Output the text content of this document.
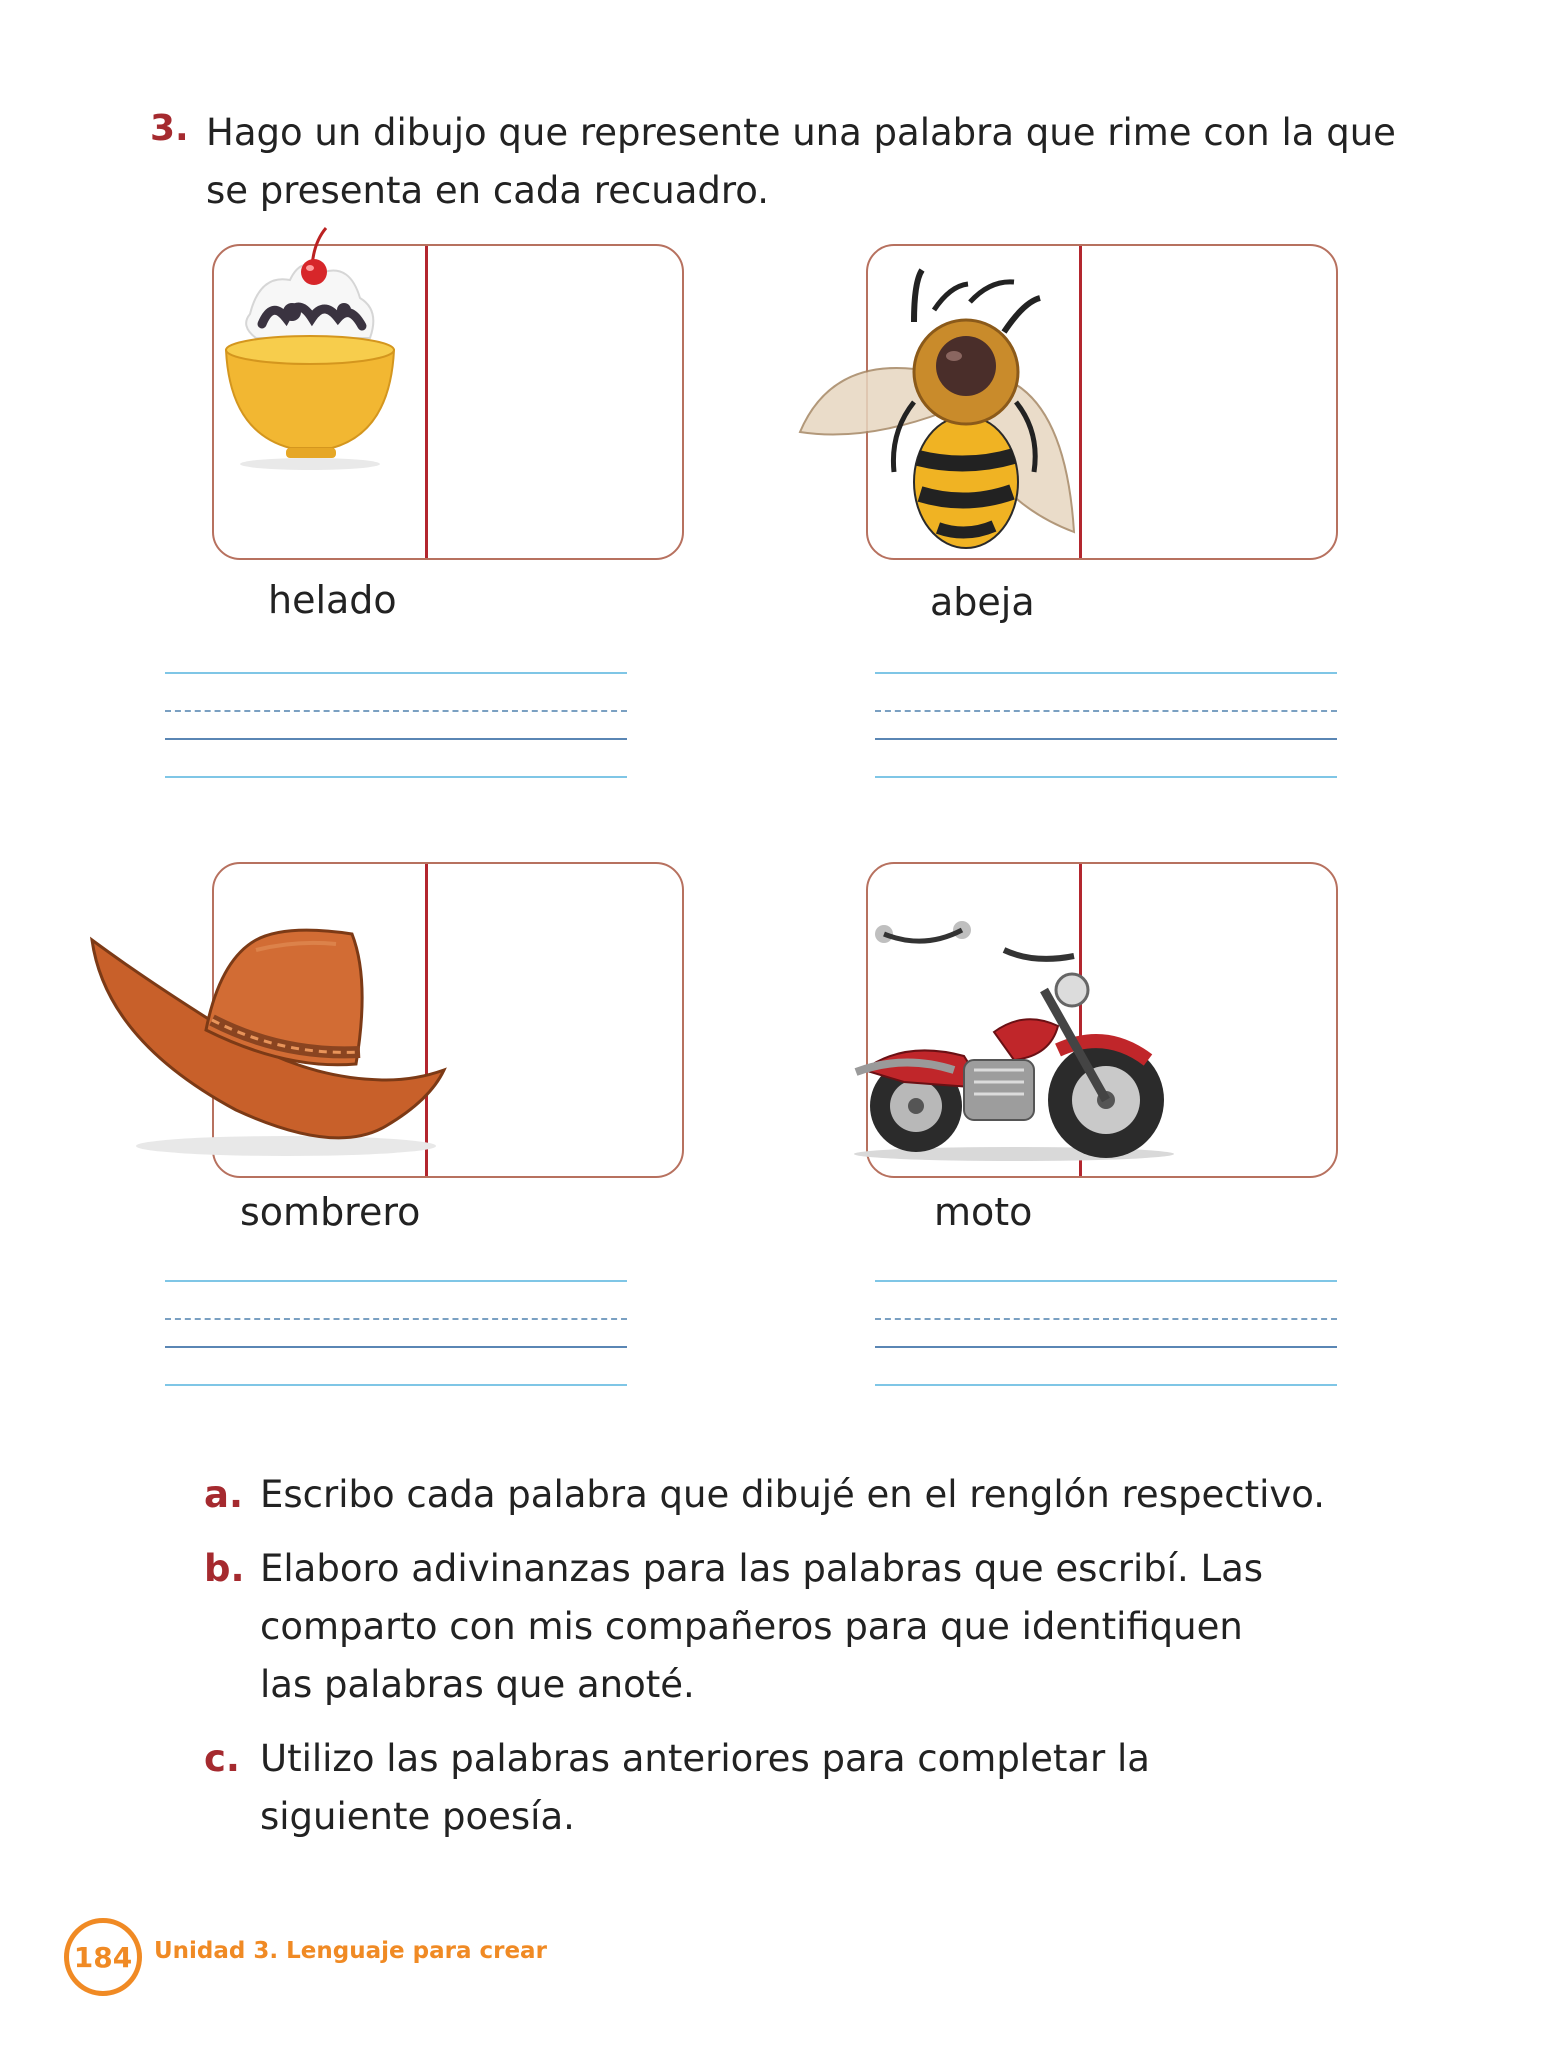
3. Hago un dibujo que represente una palabra que rime con la que se presenta en cada recuadro.
helado	abeja
sombrero	moto
a. Escribo cada palabra que dibujé en el renglón respectivo.
b. Elaboro adivinanzas para las palabras que escribí. Las comparto con mis compañeros para que identifiquen las palabras que anoté.
c. Utilizo las palabras anteriores para completar la siguiente poesía.
184 Unidad 3. Lenguaje para crear
